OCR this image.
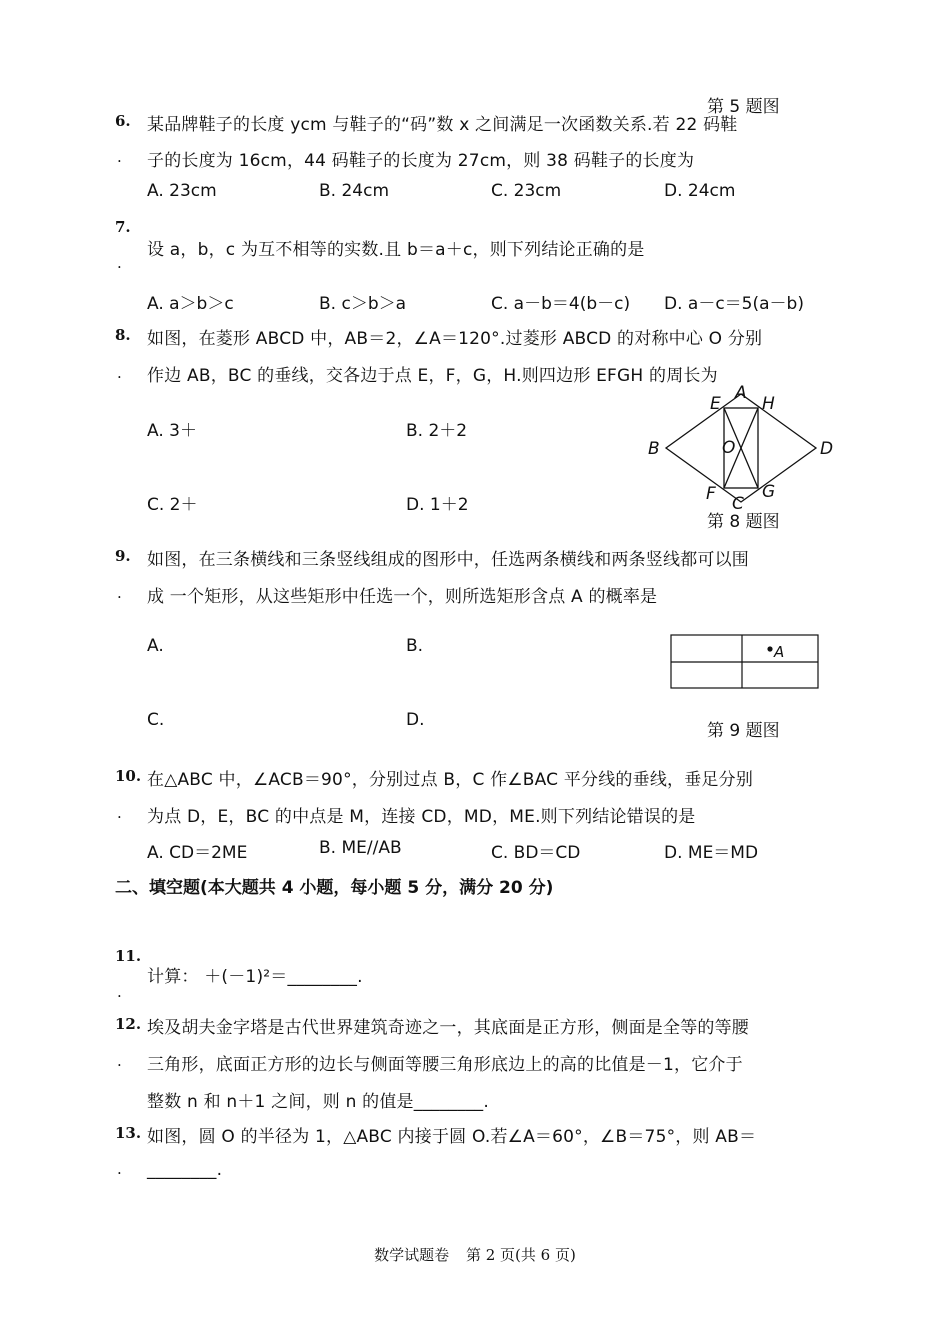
第 5 题图
6.
.
某品牌鞋子的长度 ycm 与鞋子的“码”数 x 之间满足一次函数关系.若 22 码鞋
子的长度为 16cm，44 码鞋子的长度为 27cm，则 38 码鞋子的长度为
A. 23cm	B. 24cm	C. 23cm	D. 24cm
7.
.
设 a，b，c 为互不相等的实数.且 b＝a＋c，则下列结论正确的是
A. a＞b＞c	B. c＞b＞a	C. a－b＝4(b－c) D. a－c＝5(a－b)
8.
.
如图，在菱形 ABCD 中，AB＝2，∠A＝120°.过菱形 ABCD 的对称中心 O 分别
作边 AB，BC 的垂线，交各边于点 E，F，G，H.则四边形 EFGH 的周长为
A. 3＋	B. 2＋2
C. 2＋	D. 1＋2
A
E H
B	O	D
F	G
C
第 8 题图
9.
.
如图，在三条横线和三条竖线组成的图形中，任选两条横线和两条竖线都可以围
成 一个矩形，从这些矩形中任选一个，则所选矩形含点 A 的概率是
A.	B.
C.	D.
A
第 9 题图
10.
.
在△ABC 中，∠ACB＝90°，分别过点 B，C 作∠BAC 平分线的垂线，垂足分别
为点 D，E，BC 的中点是 M，连接 CD，MD，ME.则下列结论错误的是
A. CD＝2ME	B. ME//AB	C. BD＝CD	D. ME＝MD
二、填空题(本大题共 4 小题，每小题 5 分，满分 20 分)
11.
.
计算： ＋(－1)²＝________.
12.
.
埃及胡夫金字塔是古代世界建筑奇迹之一，其底面是正方形，侧面是全等的等腰
三角形，底面正方形的边长与侧面等腰三角形底边上的高的比值是－1，它介于
整数 n 和 n＋1 之间，则 n 的值是________.
13.
.
如图，圆 O 的半径为 1，△ABC 内接于圆 O.若∠A＝60°，∠B＝75°，则 AB＝
________.
数学试题卷 第 2 页(共 6 页)
